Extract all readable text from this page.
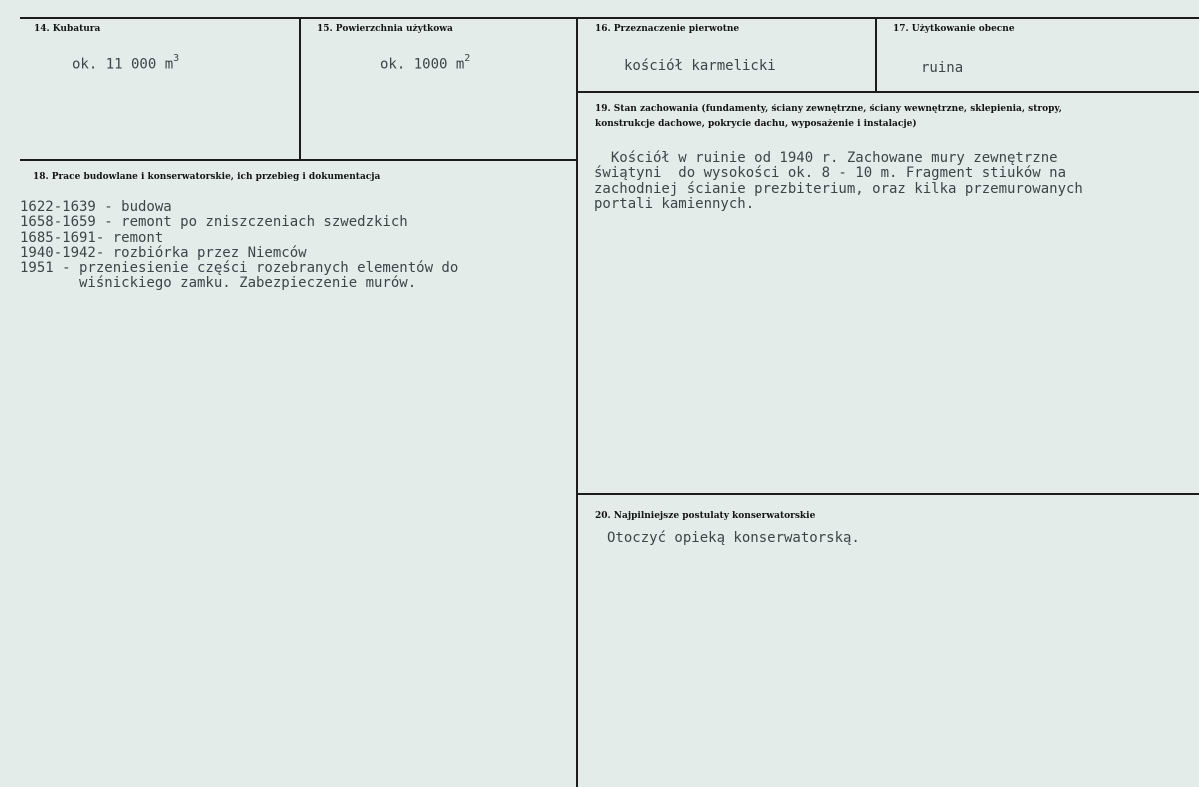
14. Kubatura
ok. 11 000 $m^3$
15. Powierzchnia użytkowa
ok. 1000 $m^2$
16. Przeznaczenie pierwotne
kościół karmelicki
17. Użytkowanie obecne
ruina
18. Prace budowlane i konserwatorskie, ich przebieg i dokumentacja
1622-1639 - budowa
1658-1659 - remont po zniszczeniach szwedzkich
1685-1691- remont
1940-1942- rozbiórka przez Niemców
1951 - przeniesienie części rozebranych elementów do
wiśnickiego zamku. Zabezpieczenie murów.
19. Stan zachowania (fundamenty, ściany zewnętrzne, ściany wewnętrzne, sklepienia, stropy,
konstrukcje dachowe, pokrycie dachu, wyposażenie i instalacje)
Kościół w ruinie od 1940 r. Zachowane mury zewnętrzne
świątyni  do wysokości ok. 8 - 10 m. Fragment stiuków na
zachodniej ścianie prezbiterium, oraz kilka przemurowanych
portali kamiennych.
20. Najpilniejsze postulaty konserwatorskie
Otoczyć opieką konserwatorską.
